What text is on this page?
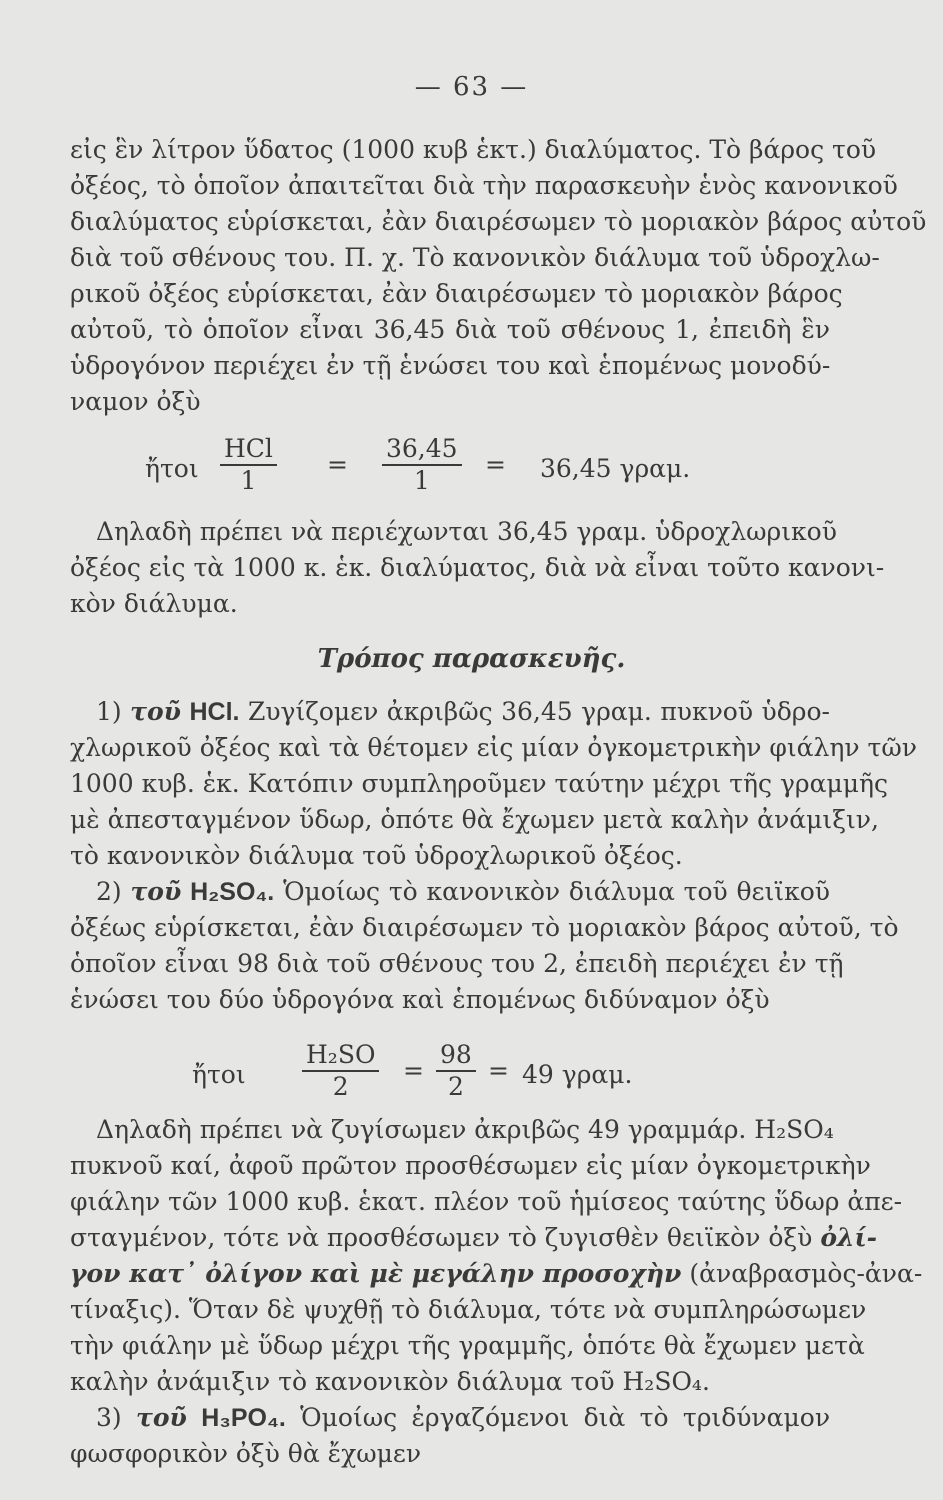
— 63 —
εἰς ἓν λίτρον ὕδατος (1000 κυβ ἑκτ.) διαλύματος. Τὸ βάρος τοῦ
ὀξέος, τὸ ὁποῖον ἀπαιτεῖται διὰ τὴν παρασκευὴν ἑνὸς κανονικοῦ
διαλύματος εὑρίσκεται, ἐὰν διαιρέσωμεν τὸ μοριακὸν βάρος αὐτοῦ
διὰ τοῦ σθένους του. Π. χ. Τὸ κανονικὸν διάλυμα τοῦ ὑδροχλω-
ρικοῦ ὀξέος εὑρίσκεται, ἐὰν διαιρέσωμεν τὸ μοριακὸν βάρος
αὐτοῦ, τὸ ὁποῖον εἶναι 36,45 διὰ τοῦ σθένους 1, ἐπειδὴ ἓν
ὑδρογόνον περιέχει ἐν τῇ ἑνώσει του καὶ ἑπομένως μονοδύ-
ναμον ὀξὺ
ἤτοι
HCl
1
= $\frac{36,45}{1} = 36,45$ γραμ.
Δηλαδὴ πρέπει νὰ περιέχωνται 36,45 γραμ. ὑδροχλωρικοῦ
ὀξέος εἰς τὰ 1000 κ. ἑκ. διαλύματος, διὰ νὰ εἶναι τοῦτο κανονι-
κὸν διάλυμα.
Τρόπος παρασκευῆς.
1) τοῦ HCl. Ζυγίζομεν ἀκριβῶς 36,45 γραμ. πυκνοῦ ὑδρο-
χλωρικοῦ ὀξέος καὶ τὰ θέτομεν εἰς μίαν ὀγκομετρικὴν φιάλην τῶν
1000 κυβ. ἑκ. Κατόπιν συμπληροῦμεν ταύτην μέχρι τῆς γραμμῆς
μὲ ἀπεσταγμένον ὕδωρ, ὁπότε θὰ ἔχωμεν μετὰ καλὴν ἀνάμιξιν,
τὸ κανονικὸν διάλυμα τοῦ ὑδροχλωρικοῦ ὀξέος.
2) τοῦ H₂SO₄. Ὁμοίως τὸ κανονικὸν διάλυμα τοῦ θειϊκοῦ
ὀξέως εὑρίσκεται, ἐὰν διαιρέσωμεν τὸ μοριακὸν βάρος αὐτοῦ, τὸ
ὁποῖον εἶναι 98 διὰ τοῦ σθένους του 2, ἐπειδὴ περιέχει ἐν τῇ
ἑνώσει του δύο ὑδρογόνα καὶ ἑπομένως διδύναμον ὀξὺ
ἤτοι $\frac{\text{H₂SO}}{2} = \frac{98}{2} = 49$ γραμ.
Δηλαδὴ πρέπει νὰ ζυγίσωμεν ἀκριβῶς 49 γραμμάρ. H₂SO₄
πυκνοῦ καί, ἀφοῦ πρῶτον προσθέσωμεν εἰς μίαν ὀγκομετρικὴν
φιάλην τῶν 1000 κυβ. ἑκατ. πλέον τοῦ ἡμίσεος ταύτης ὕδωρ ἀπε-
σταγμένον, τότε νὰ προσθέσωμεν τὸ ζυγισθὲν θειϊκὸν ὀξὺ ὀλί-
γον κατ᾽ ὀλίγον καὶ μὲ μεγάλην προσοχὴν (ἀναβρασμὸς-ἀνα-
τίναξις). Ὅταν δὲ ψυχθῇ τὸ διάλυμα, τότε νὰ συμπληρώσωμεν
τὴν φιάλην μὲ ὕδωρ μέχρι τῆς γραμμῆς, ὁπότε θὰ ἔχωμεν μετὰ
καλὴν ἀνάμιξιν τὸ κανονικὸν διάλυμα τοῦ H₂SO₄.
3) τοῦ H₃PO₄. Ὁμοίως ἐργαζόμενοι διὰ τὸ τριδύναμον
φωσφορικὸν ὀξὺ θὰ ἔχωμεν
